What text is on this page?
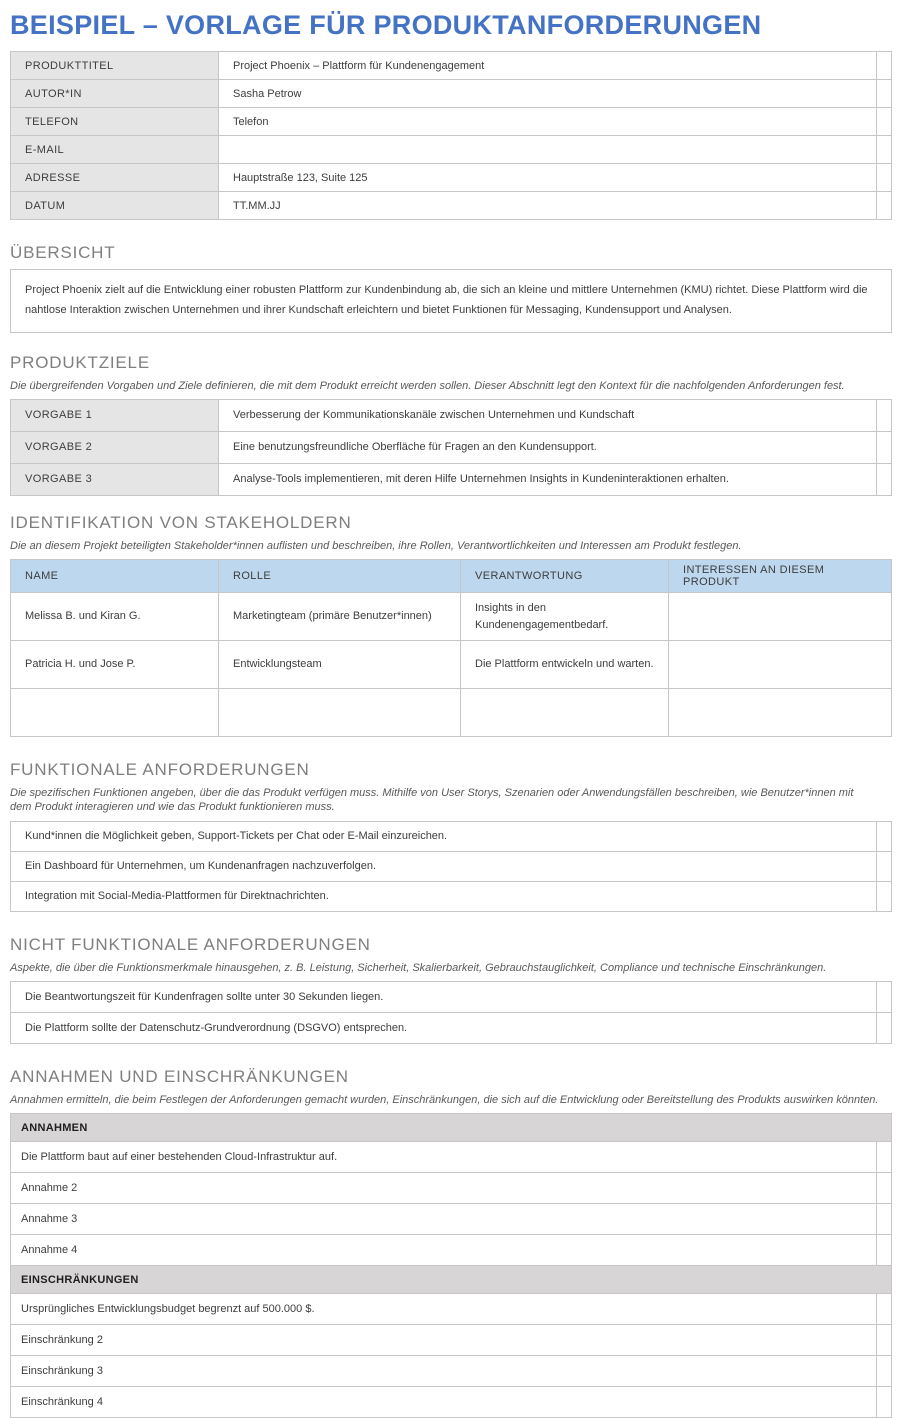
BEISPIEL – VORLAGE FÜR PRODUKTANFORDERUNGEN
PRODUKTTITEL	Project Phoenix – Plattform für Kundenengagement	
AUTOR*IN	Sasha Petrow	
TELEFON	Telefon	
E-MAIL		
ADRESSE	Hauptstraße 123, Suite 125	
DATUM	TT.MM.JJ	
ÜBERSICHT
Project Phoenix zielt auf die Entwicklung einer robusten Plattform zur Kundenbindung ab, die sich an kleine und mittlere Unternehmen (KMU) richtet. Diese Plattform wird die nahtlose Interaktion zwischen Unternehmen und ihrer Kundschaft erleichtern und bietet Funktionen für Messaging, Kundensupport und Analysen.
PRODUKTZIELE
Die übergreifenden Vorgaben und Ziele definieren, die mit dem Produkt erreicht werden sollen. Dieser Abschnitt legt den Kontext für die nachfolgenden Anforderungen fest.
VORGABE 1	Verbesserung der Kommunikationskanäle zwischen Unternehmen und Kundschaft	
VORGABE 2	Eine benutzungsfreundliche Oberfläche für Fragen an den Kundensupport.	
VORGABE 3	Analyse-Tools implementieren, mit deren Hilfe Unternehmen Insights in Kundeninteraktionen erhalten.	
IDENTIFIKATION VON STAKEHOLDERN
Die an diesem Projekt beteiligten Stakeholder*innen auflisten und beschreiben, ihre Rollen, Verantwortlichkeiten und Interessen am Produkt festlegen.
NAME	ROLLE	VERANTWORTUNG	INTERESSEN AN DIESEM PRODUKT
Melissa B. und Kiran G.	Marketingteam (primäre Benutzer*innen)	Insights in den Kundenengagementbedarf.	
Patricia H. und Jose P.	Entwicklungsteam	Die Plattform entwickeln und warten.	

FUNKTIONALE ANFORDERUNGEN
Die spezifischen Funktionen angeben, über die das Produkt verfügen muss. Mithilfe von User Storys, Szenarien oder Anwendungsfällen beschreiben, wie Benutzer*innen mit dem Produkt interagieren und wie das Produkt funktionieren muss.
Kund*innen die Möglichkeit geben, Support-Tickets per Chat oder E-Mail einzureichen.	
Ein Dashboard für Unternehmen, um Kundenanfragen nachzuverfolgen.	
Integration mit Social-Media-Plattformen für Direktnachrichten.	
NICHT FUNKTIONALE ANFORDERUNGEN
Aspekte, die über die Funktionsmerkmale hinausgehen, z. B. Leistung, Sicherheit, Skalierbarkeit, Gebrauchstauglichkeit, Compliance und technische Einschränkungen.
Die Beantwortungszeit für Kundenfragen sollte unter 30 Sekunden liegen.	
Die Plattform sollte der Datenschutz-Grundverordnung (DSGVO) entsprechen.	
ANNAHMEN UND EINSCHRÄNKUNGEN
Annahmen ermitteln, die beim Festlegen der Anforderungen gemacht wurden, Einschränkungen, die sich auf die Entwicklung oder Bereitstellung des Produkts auswirken könnten.
ANNAHMEN	
Die Plattform baut auf einer bestehenden Cloud-Infrastruktur auf.	
Annahme 2	
Annahme 3	
Annahme 4	
EINSCHRÄNKUNGEN	
Ursprüngliches Entwicklungsbudget begrenzt auf 500.000 $.	
Einschränkung 2	
Einschränkung 3	
Einschränkung 4	
